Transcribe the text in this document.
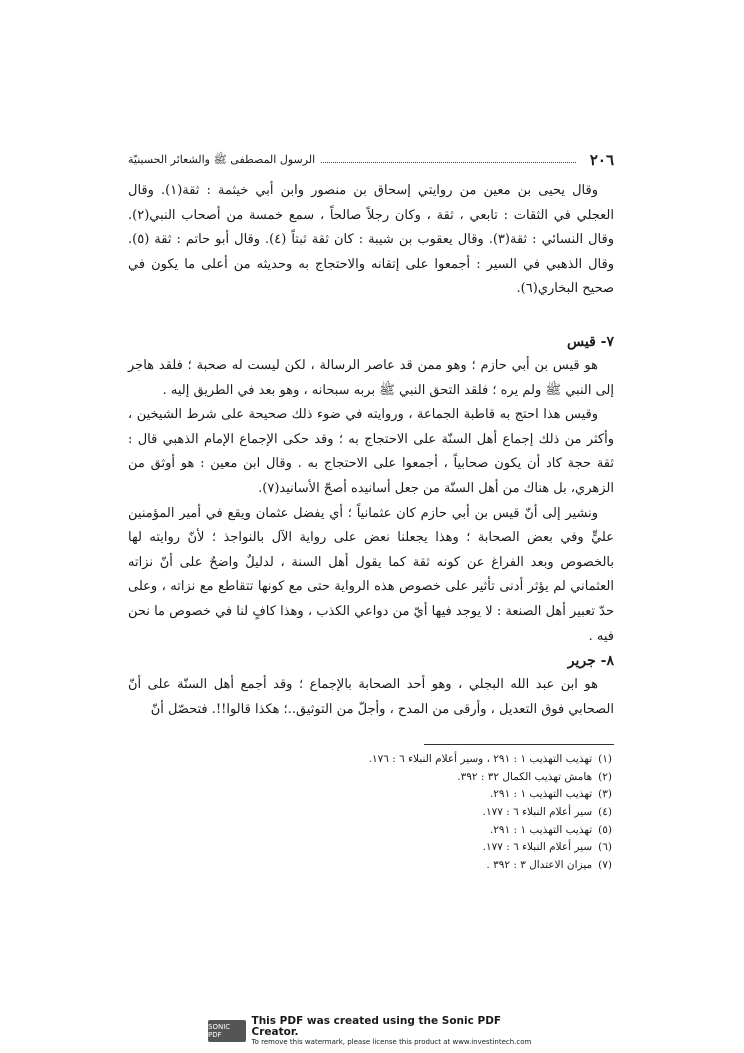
٢٠٦
الرسول المصطفى ﷺ والشعائر الحسينيّة

وقال يحيى بن معين من روايتي إسحاق بن منصور وابن أبي خيثمة : ثقة(١). وقال العجلي في الثقات : تابعي ، ثقة ، وكان رجلاً صالحاً ، سمع خمسة من أصحاب النبي(٢). وقال النسائي : ثقة(٣). وقال يعقوب بن شيبة : كان ثقة ثبتاً (٤). وقال أبو حاتم : ثقة (٥). وقال الذهبي في السير : أجمعوا على إتقانه والاحتجاج به وحديثه من أعلى ما يكون في صحيح البخاري(٦).

٧- قيس

هو قيس بن أبي حازم ؛ وهو ممن قد عاصر الرسالة ، لكن ليست له صحبة ؛ فلقد هاجر إلى النبي ﷺ ولم يره ؛ فلقد التحق النبي ﷺ بربه سبحانه ، وهو بعد في الطريق إليه .

وقيس هذا احتج به قاطبة الجماعة ، وروايته في ضوء ذلك صحيحة على شرط الشيخين ، وأكثر من ذلك إجماع أهل السنّة على الاحتجاج به ؛ وقد حكى الإجماع الإمام الذهبي قال : ثقة حجة كاد أن يكون صحابياً ، أجمعوا على الاحتجاج به . وقال ابن معين : هو أوثق من الزهري، بل هناك من أهل السنّة من جعل أسانيده أصحّ الأسانيد(٧).

ونشير إلى أنّ قيس بن أبي حازم كان عثمانياً ؛ أي يفضل عثمان ويقع في أمير المؤمنين عليٍّ وفي بعض الصحابة ؛ وهذا يجعلنا نعض على رواية الآل بالنواجذ ؛ لأنّ روايته لها بالخصوص وبعد الفراغ عن كونه ثقة كما يقول أهل السنة ، لدليلٌ واضحٌ على أنّ نزاته العثماني لم يؤثر أدنى تأثير على خصوص هذه الرواية حتى مع كونها تتقاطع مع نزاته ، وعلى حدّ تعبير أهل الصنعة : لا يوجد فيها أيّ من دواعي الكذب ، وهذا كافٍ لنا في خصوص ما نحن فيه .

٨- جرير

هو ابن عبد الله البجلي ، وهو أحد الصحابة بالإجماع ؛ وقد أجمع أهل السنّة على أنّ الصحابي فوق التعديل ، وأرقى من المدح ، وأجلّ من التوثيق..؛ هكذا قالوا!!. فتحصّل أنّ

(١)
تهذيب التهذيب ١ : ٢٩١ ، وسير أعلام النبلاء ٦ : ١٧٦.
(٢)
هامش تهذيب الكمال ٣٢ : ٣٩٢.
(٣)
تهذيب التهذيب ١ : ٢٩١.
(٤)
سير أعلام النبلاء ٦ : ١٧٧.
(٥)
تهذيب التهذيب ١ : ٢٩١.
(٦)
سير أعلام النبلاء ٦ : ١٧٧.
(٧)
ميزان الاعتدال ٣ : ٣٩٢ .
SONIC PDF
This PDF was created using the Sonic PDF Creator.
To remove this watermark, please license this product at www.investintech.com
